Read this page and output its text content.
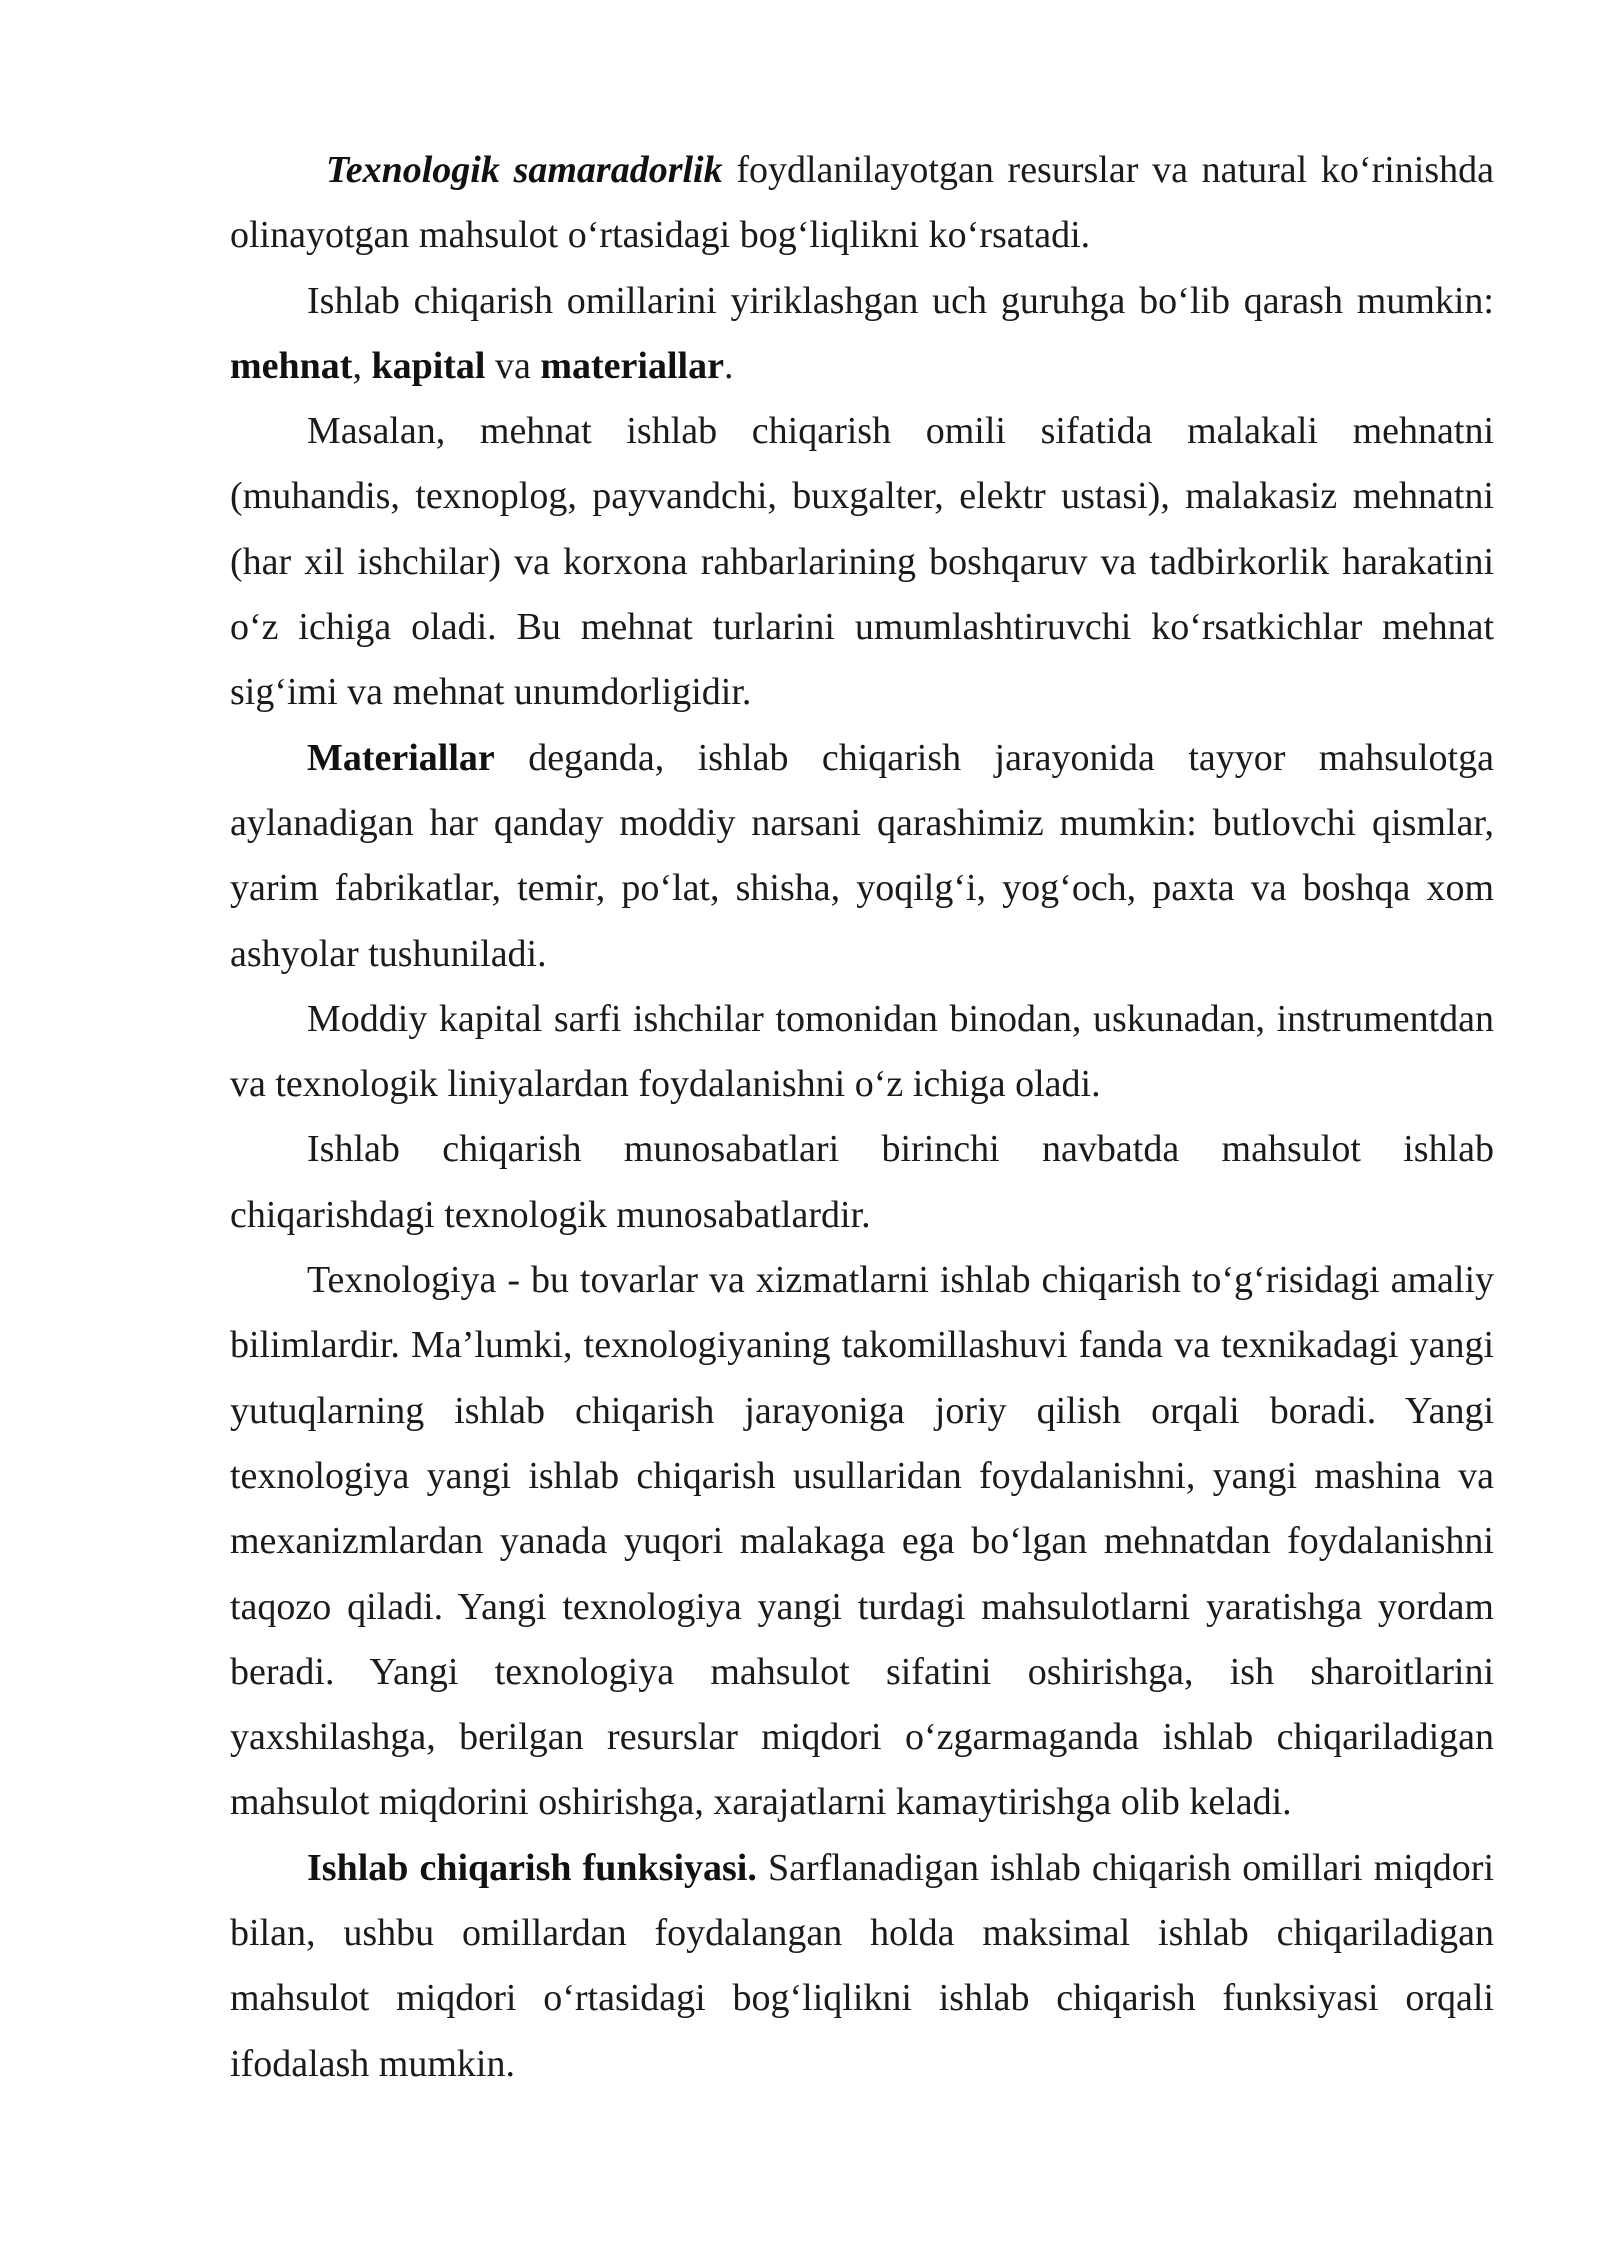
Texnologik samaradorlik foydlanilayotgan resurslar va natural ko‘rinishda olinayotgan mahsulot o‘rtasidagi bog‘liqlikni ko‘rsatadi.

Ishlab chiqarish omillarini yiriklashgan uch guruhga bo‘lib qarash mumkin: mehnat, kapital va materiallar.

Masalan, mehnat ishlab chiqarish omili sifatida malakali mehnatni (muhandis, texnoplog, payvandchi, buxgalter, elektr ustasi), malakasiz mehnatni (har xil ishchilar) va korxona rahbarlarining boshqaruv va tadbirkorlik harakatini o‘z ichiga oladi. Bu mehnat turlarini umumlashtiruvchi ko‘rsatkichlar mehnat sig‘imi va mehnat unumdorligidir.

Materiallar deganda, ishlab chiqarish jarayonida tayyor mahsulotga aylanadigan har qanday moddiy narsani qarashimiz mumkin: butlovchi qismlar, yarim fabrikatlar, temir, po‘lat, shisha, yoqilg‘i, yog‘och, paxta va boshqa xom ashyolar tushuniladi.

Moddiy kapital sarfi ishchilar tomonidan binodan, uskunadan, instrumentdan va texnologik liniyalardan foydalanishni o‘z ichiga oladi.

Ishlab chiqarish munosabatlari birinchi navbatda mahsulot ishlab chiqarishdagi texnologik munosabatlardir.

Texnologiya - bu tovarlar va xizmatlarni ishlab chiqarish to‘g‘risidagi amaliy bilimlardir. Ma’lumki, texnologiyaning takomillashuvi fanda va texnikadagi yangi yutuqlarning ishlab chiqarish jarayoniga joriy qilish orqali boradi. Yangi texnologiya yangi ishlab chiqarish usullaridan foydalanishni, yangi mashina va mexanizmlardan yanada yuqori malakaga ega bo‘lgan mehnatdan foydalanishni taqozo qiladi. Yangi texnologiya yangi turdagi mahsulotlarni yaratishga yordam beradi. Yangi texnologiya mahsulot sifatini oshirishga, ish sharoitlarini yaxshilashga, berilgan resurslar miqdori o‘zgarmaganda ishlab chiqariladigan mahsulot miqdorini oshirishga, xarajatlarni kamaytirishga olib keladi.

Ishlab chiqarish funksiyasi. Sarflanadigan ishlab chiqarish omillari miqdori bilan, ushbu omillardan foydalangan holda maksimal ishlab chiqariladigan mahsulot miqdori o‘rtasidagi bog‘liqlikni ishlab chiqarish funksiyasi orqali ifodalash mumkin.
